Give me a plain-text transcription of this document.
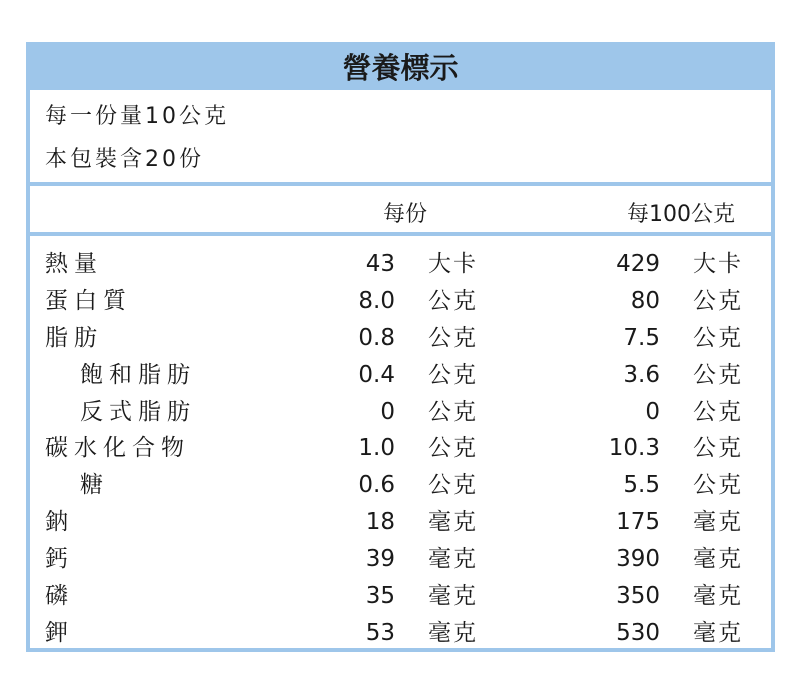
營養標示
每一份量10公克
本包裝含20份
每份	每100公克
熱量	43 大卡	429 大卡
蛋白質	8.0 公克	80 公克
脂肪	0.8 公克	7.5 公克
飽和脂肪	0.4 公克	3.6 公克
反式脂肪	0 公克	0 公克
碳水化合物	1.0 公克	10.3 公克
糖	0.6 公克	5.5 公克
鈉	18 毫克	175 毫克
鈣	39 毫克	390 毫克
磷	35 毫克	350 毫克
鉀	53 毫克	530 毫克
